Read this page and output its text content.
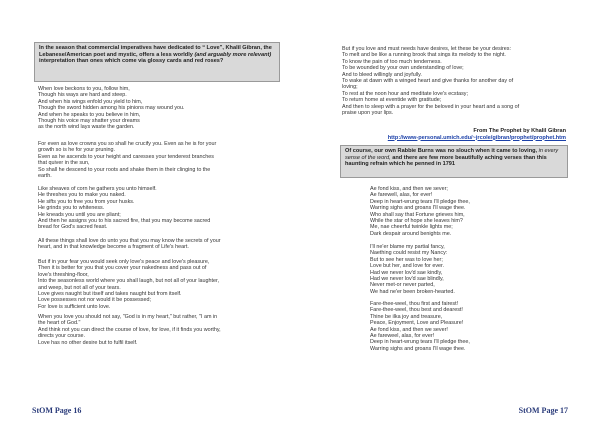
In the season that commercial imperatives have dedicated to “ Love”, Khalil Gibran, the Lebanese/American poet and mystic, offers a less worldly (and arguably more relevant) interpretation than ones which come via glossy cards and red roses?
When love beckons to you, follow him,
Though his ways are hard and steep.
And when his wings enfold you yield to him,
Though the sword hidden among his pinions may wound you.
And when he speaks to you believe in him,
Though his voice may shatter your dreams
as the north wind lays waste the garden.
For even as love crowns you so shall he crucify you. Even as he is for your
growth so is he for your pruning.
Even as he ascends to your height and caresses your tenderest branches
that quiver in the sun,
So shall he descend to your roots and shake them in their clinging to the
earth.
Like sheaves of corn he gathers you unto himself.
He threshes you to make you naked.
He sifts you to free you from your husks.
He grinds you to whiteness.
He kneads you until you are pliant;
And then he assigns you to his sacred fire, that you may become sacred
bread for God's sacred feast.
All these things shall love do unto you that you may know the secrets of your
heart, and in that knowledge become a fragment of Life's heart.
But if in your fear you would seek only love's peace and love's pleasure,
Then it is better for you that you cover your nakedness and pass out of
love's threshing-floor,
Into the seasonless world where you shall laugh, but not all of your laughter,
and weep, but not all of your tears.
Love gives naught but itself and takes naught but from itself.
Love possesses not nor would it be possessed;
For love is sufficient unto love.
When you love you should not say, "God is in my heart," but rather, "I am in
the heart of God."
And think not you can direct the course of love, for love, if it finds you worthy,
directs your course.
Love has no other desire but to fulfil itself.
StOM Page 16
But if you love and must needs have desires, let these be your desires:
To melt and be like a running brook that sings its melody to the night.
To know the pain of too much tenderness.
To be wounded by your own understanding of love;
And to bleed willingly and joyfully.
To wake at dawn with a winged heart and give thanks for another day of
loving;
To rest at the noon hour and meditate love's ecstasy;
To return home at eventide with gratitude;
And then to sleep with a prayer for the beloved in your heart and a song of
praise upon your lips.
From The Prophet by Khalil Gibran
http://www-personal.umich.edu/~jrcole/gibran/prophet/prophet.htm
Of course, our own Rabbie Burns was no slouch when it came to loving, in every sense of the word, and there are few more beautifully aching verses than this haunting refrain which he penned in 1791
Ae fond kiss, and then we sever;
Ae farewell, alas, for ever!
Deep in heart-wrung tears I'll pledge thee,
Warring sighs and groans I'll wage thee.
Who shall say that Fortune grieves him,
While the star of hope she leaves him?
Me, nae cheerful twinkle lights me;
Dark despair around benights me.
I'll ne'er blame my partial fancy,
Naething could resist my Nancy:
But to see her was to love her;
Love but her, and love for ever.
Had we never lov'd sae kindly,
Had we never lov'd sae blindly,
Never met-or never parted,
We had ne'er been broken-hearted.
Fare-thee-weel, thou first and fairest!
Fare-thee-weel, thou best and dearest!
Thine be ilka joy and treasure,
Peace, Enjoyment, Love and Pleasure!
Ae fond kiss, and then we sever!
Ae fareweel, alas, for ever!
Deep in heart-wrung tears I'll pledge thee,
Warring sighs and groans I'll wage thee.
StOM Page 17
